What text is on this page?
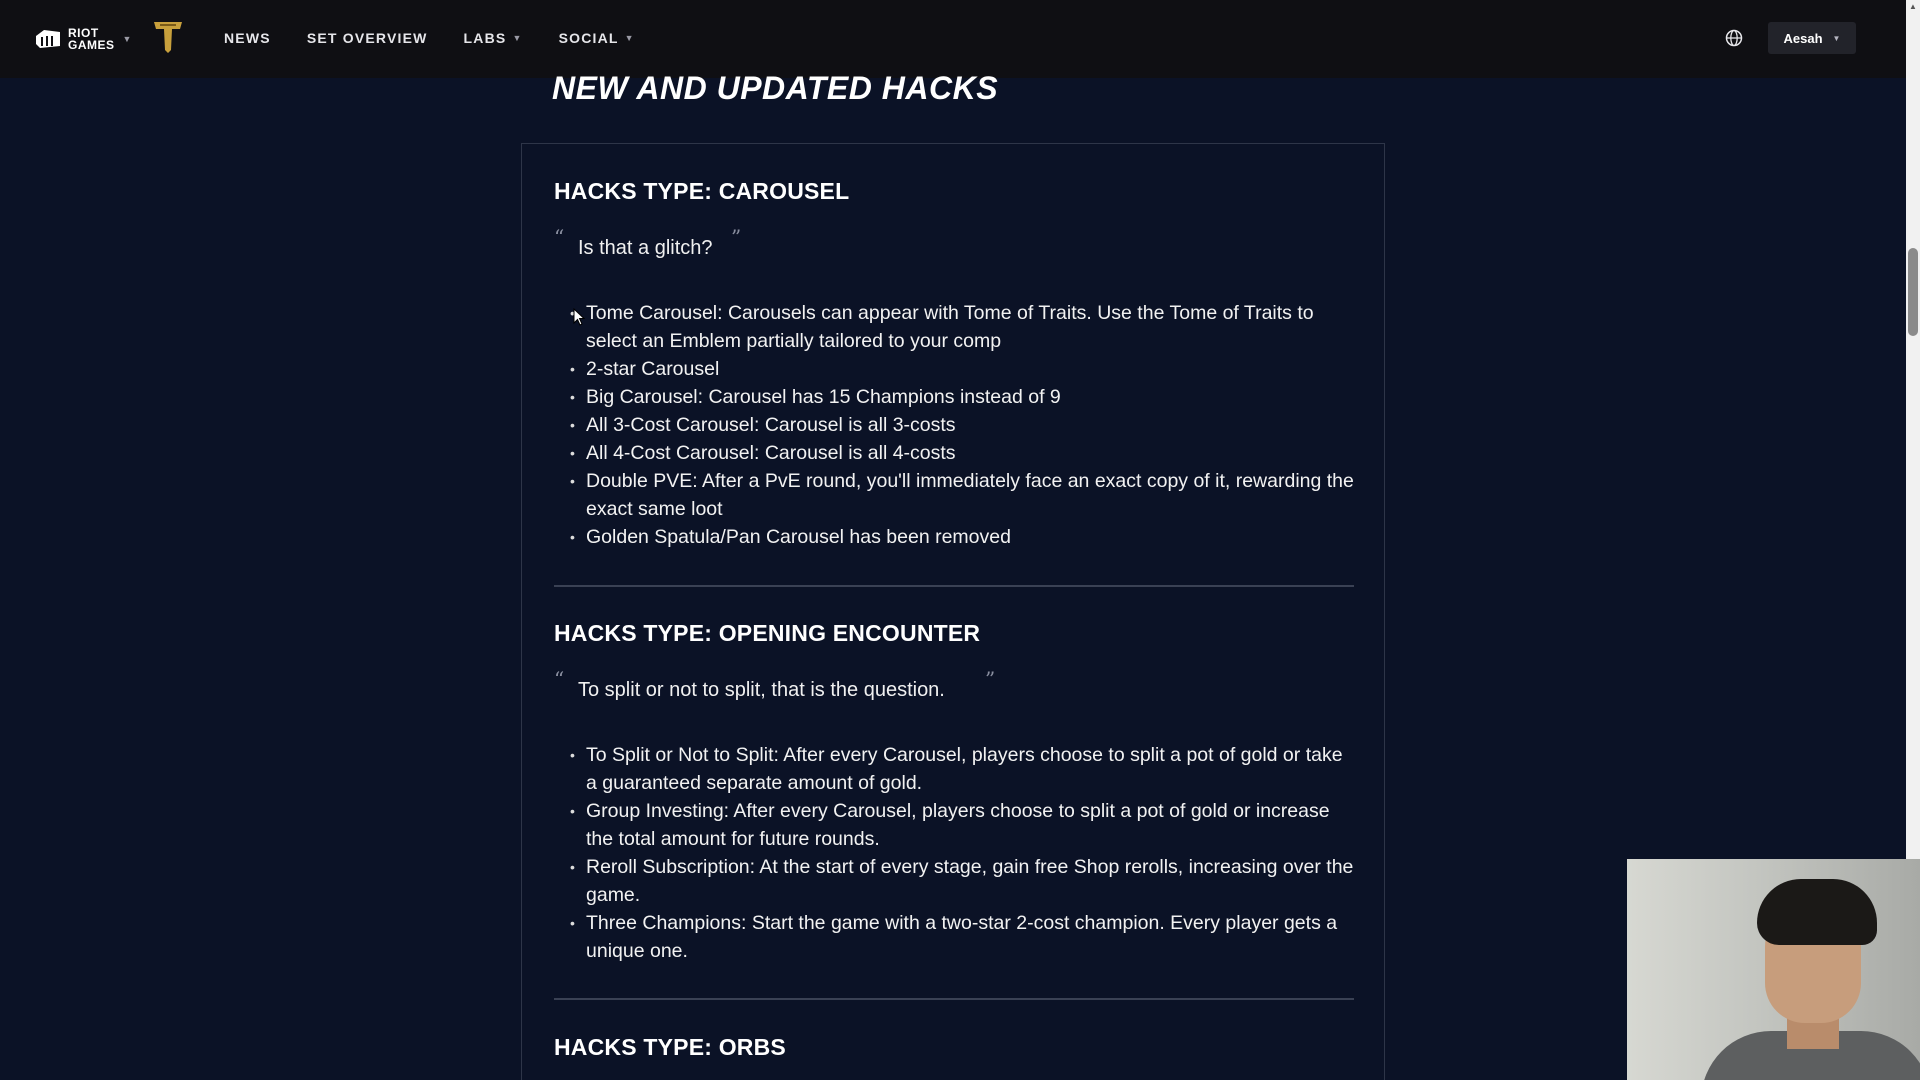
RIOT
GAMES ▼	NEWS	SET OVERVIEW	LABS ▼	SOCIAL ▼	Aesah ▼
▲
NEW AND UPDATED HACKS
HACKS TYPE: CAROUSEL
“ Is that a glitch? ”
• Tome Carousel: Carousels can appear with Tome of Traits. Use the Tome of Traits to select an Emblem partially tailored to your comp
• 2-star Carousel
• Big Carousel: Carousel has 15 Champions instead of 9
• All 3-Cost Carousel: Carousel is all 3-costs
• All 4-Cost Carousel: Carousel is all 4-costs
• Double PVE: After a PvE round, you'll immediately face an exact copy of it, rewarding the exact same loot
• Golden Spatula/Pan Carousel has been removed
HACKS TYPE: OPENING ENCOUNTER
“ To split or not to split, that is the question. ”
• To Split or Not to Split: After every Carousel, players choose to split a pot of gold or take a guaranteed separate amount of gold.
• Group Investing: After every Carousel, players choose to split a pot of gold or increase the total amount for future rounds.
• Reroll Subscription: At the start of every stage, gain free Shop rerolls, increasing over the game.
• Three Champions: Start the game with a two-star 2-cost champion. Every player gets a unique one.
HACKS TYPE: ORBS
